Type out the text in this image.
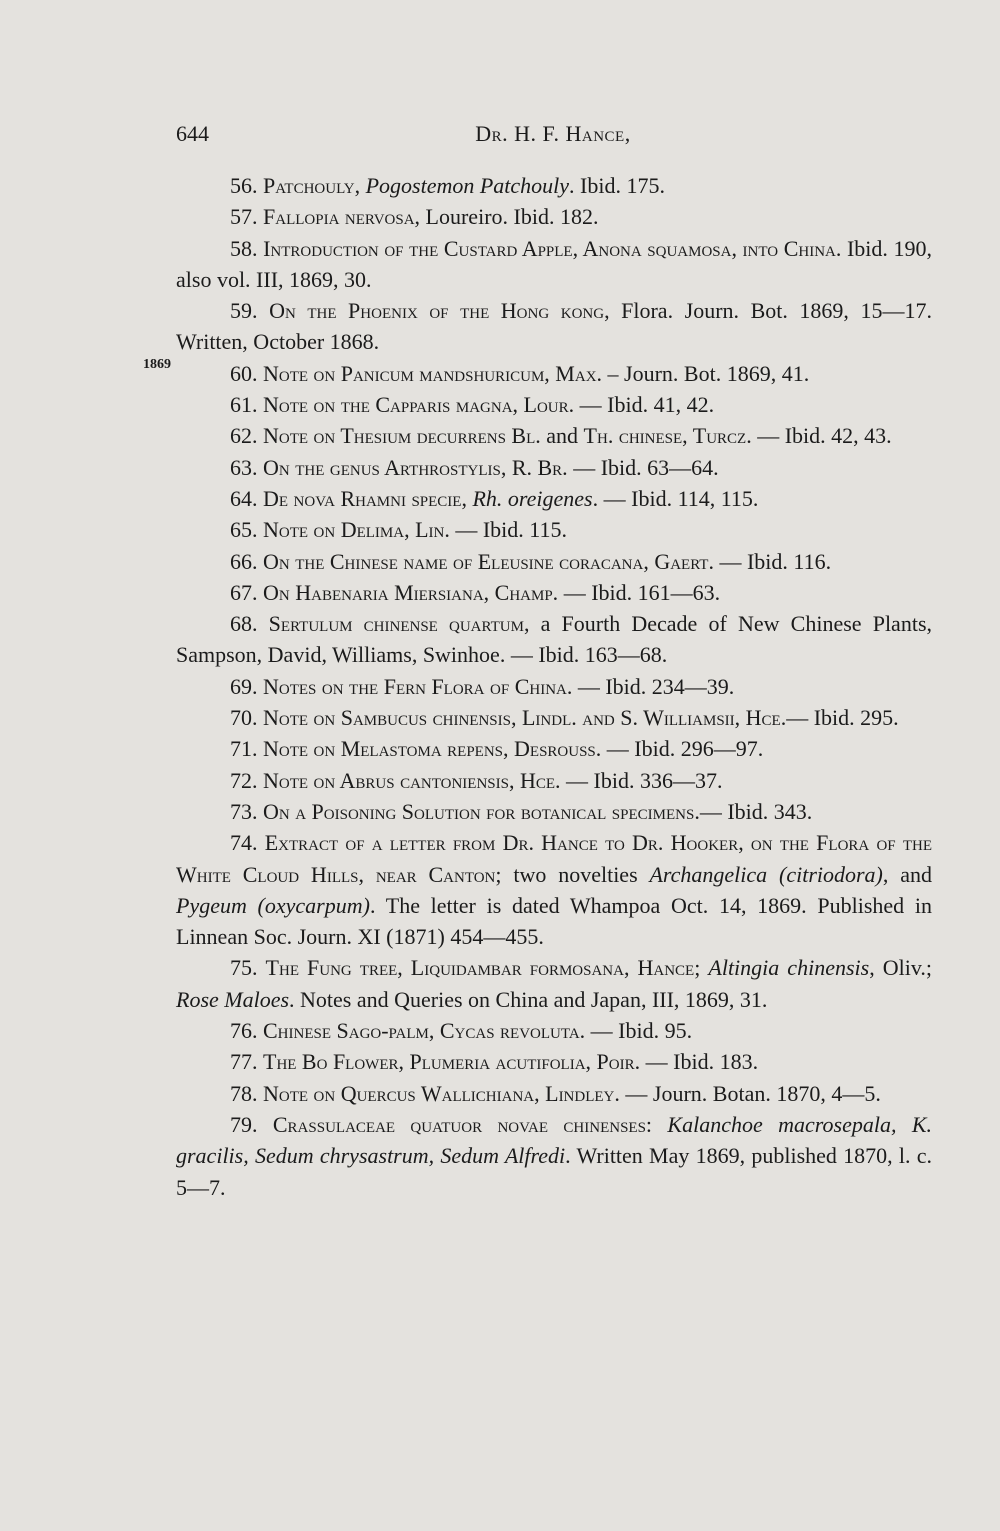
644	Dr. H. F. Hance,
1869

56. Patchouly, Pogostemon Patchouly. Ibid. 175.

57. Fallopia nervosa, Loureiro. Ibid. 182.

58. Introduction of the Custard Apple, Anona squamosa, into China. Ibid. 190, also vol. III, 1869, 30.

59. On the Phoenix of the Hong kong, Flora. Journ. Bot. 1869, 15—17. Written, October 1868.

60. Note on Panicum mandshuricum, Max. – Journ. Bot. 1869, 41.

61. Note on the Capparis magna, Lour. — Ibid. 41, 42.

62. Note on Thesium decurrens Bl. and Th. chinese, Turcz. — Ibid. 42, 43.

63. On the genus Arthrostylis, R. Br. — Ibid. 63—64.

64. De nova Rhamni specie, Rh. oreigenes. — Ibid. 114, 115.

65. Note on Delima, Lin. — Ibid. 115.

66. On the Chinese name of Eleusine coracana, Gaert. — Ibid. 116.

67. On Habenaria Miersiana, Champ. — Ibid. 161—63.

68. Sertulum chinense quartum, a Fourth Decade of New Chinese Plants, Sampson, David, Williams, Swinhoe. — Ibid. 163—68.

69. Notes on the Fern Flora of China. — Ibid. 234—39.

70. Note on Sambucus chinensis, Lindl. and S. Williamsii, Hce.— Ibid. 295.

71. Note on Melastoma repens, Desrouss. — Ibid. 296—97.

72. Note on Abrus cantoniensis, Hce. — Ibid. 336—37.

73. On a Poisoning Solution for botanical specimens.— Ibid. 343.

74. Extract of a letter from Dr. Hance to Dr. Hooker, on the Flora of the White Cloud Hills, near Canton; two novelties Archangelica (citriodora), and Pygeum (oxycarpum). The letter is dated Whampoa Oct. 14, 1869. Published in Linnean Soc. Journ. XI (1871) 454—455.

75. The Fung tree, Liquidambar formosana, Hance; Altingia chinensis, Oliv.; Rose Maloes. Notes and Queries on China and Japan, III, 1869, 31.

76. Chinese Sago-palm, Cycas revoluta. — Ibid. 95.

77. The Bo Flower, Plumeria acutifolia, Poir. — Ibid. 183.

78. Note on Quercus Wallichiana, Lindley. — Journ. Botan. 1870, 4—5.

79. Crassulaceae quatuor novae chinenses: Kalanchoe macrosepala, K. gracilis, Sedum chrysastrum, Sedum Alfredi. Written May 1869, published 1870, l. c. 5—7.
